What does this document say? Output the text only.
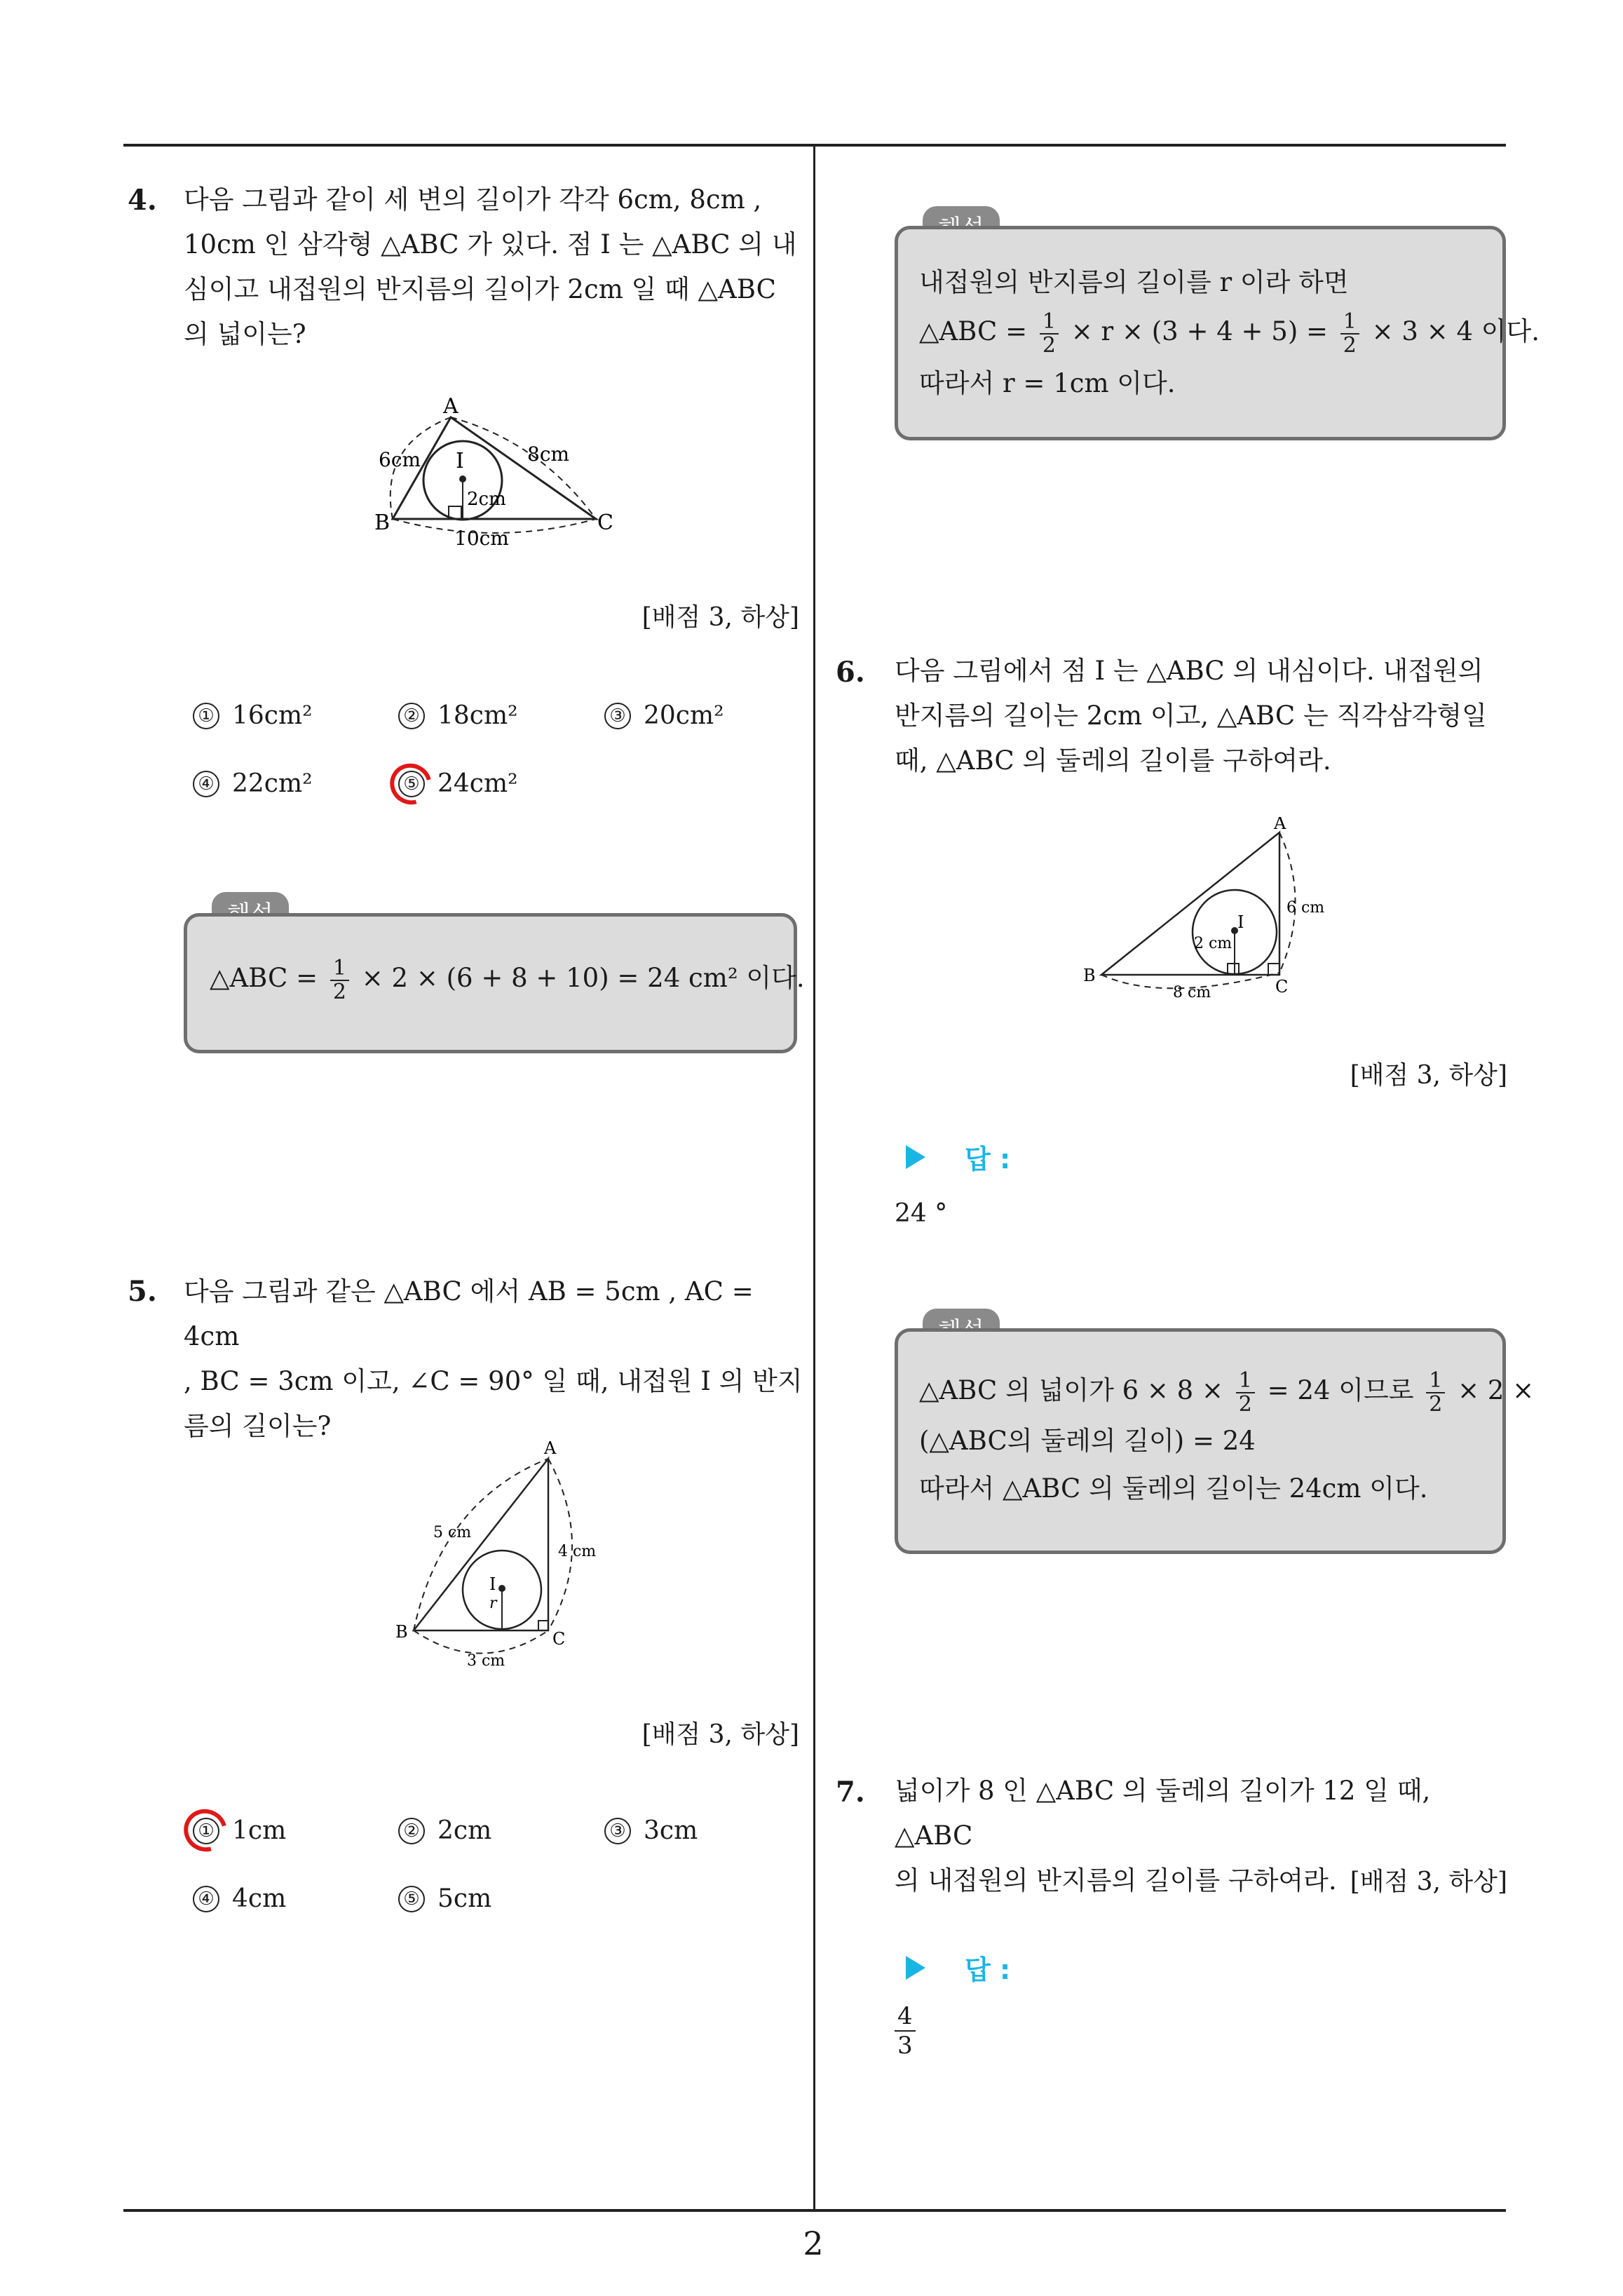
2
4. 다음 그림과 같이 세 변의 길이가 각각 6cm, 8cm ,
10cm 인 삼각형 △ABC 가 있다. 점 I 는 △ABC 의 내
심이고 내접원의 반지름의 길이가 2cm 일 때 △ABC
의 넓이는?
A
B	C
I
6cm	8cm
2cm
10cm
[배점 3, 하상]
① 16cm²	② 18cm²	③ 20cm²
④ 22cm²	⑤ 24cm²
△ABC = $\frac{1}{2} \times 2 \times (6 + 8 + 10) = 24$ cm² 이다.
5. 다음 그림과 같은 △ABC 에서 AB = 5cm , AC = 4cm
, BC = 3cm 이고, ∠C = 90° 일 때, 내접원 I 의 반지
름의 길이는?
A
B	C
I
r
5 cm
4 cm
3 cm
[배점 3, 하상]
① 1cm	② 2cm	③ 3cm
④ 4cm	⑤ 5cm
내접원의 반지름의 길이를 r 이라 하면
△ABC = $\frac{1}{2} \times r \times (3 + 4 + 5) = \frac{1}{2} \times 3 \times 4$ 이다.
따라서 r = 1cm 이다.
6. 다음 그림에서 점 I 는 △ABC 의 내심이다. 내접원의
반지름의 길이는 2cm 이고, △ABC 는 직각삼각형일
때, △ABC 의 둘레의 길이를 구하여라.
A
B
C
I
2 cm
6 cm
8 cm
[배점 3, 하상]
답 :
24 °
△ABC 의 넓이가 $6 \times 8 \times \frac{1}{2} = 24$ 이므로 $\frac{1}{2} \times 2$ ×
(△ABC의 둘레의 길이) = 24
따라서 △ABC 의 둘레의 길이는 24cm 이다.
7. 넓이가 8 인 △ABC 의 둘레의 길이가 12 일 때, △ABC
의 내접원의 반지름의 길이를 구하여라. [배점 3, 하상]
답 :
$\frac{4}{3}$
